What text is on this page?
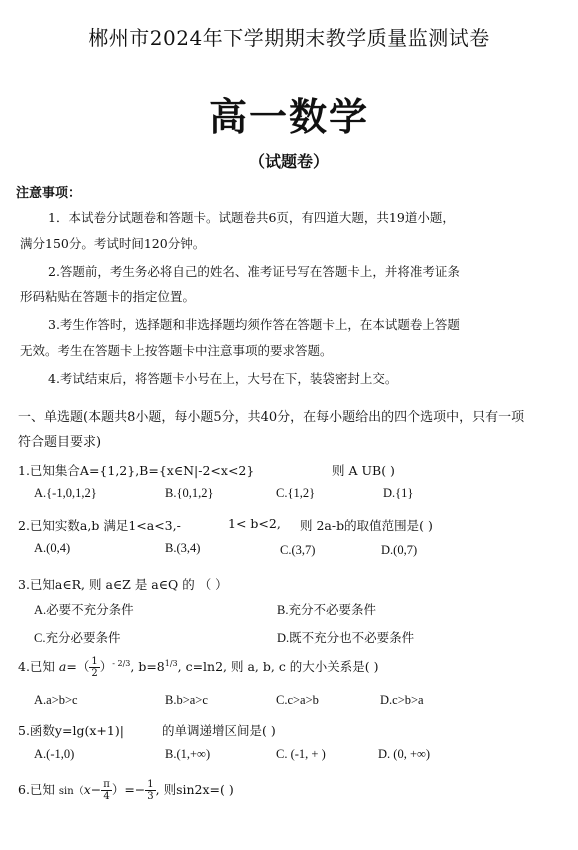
郴州市2024年下学期期末教学质量监测试卷
高一数学
（试题卷）
注意事项：
1．本试卷分试题卷和答题卡。试题卷共6页，有四道大题，共19道小题，
满分150分。考试时间120分钟。
2.答题前，考生务必将自己的姓名、准考证号写在答题卡上，并将准考证条
形码粘贴在答题卡的指定位置。
3.考生作答时，选择题和非选择题均须作答在答题卡上，在本试题卷上答题
无效。考生在答题卡上按答题卡中注意事项的要求答题。
4.考试结束后，将答题卡小号在上，大号在下，装袋密封上交。
一、单选题(本题共8小题，每小题5分，共40分，在每小题给出的四个选项中，只有一项
符合题目要求)
1.已知集合A={1,2},B={x∈N|-2<x<2}	则 A UB( )
A.{-1,0,1,2}	B.{0,1,2}	C.{1,2}	D.{1}
2.已知实数a,b 满足1<a<3,-	1< b<2, 则 2a-b的取值范围是( )
A.(0,4)	B.(3,4)	C.(3,7)	D.(0,7)
3.已知a∈R, 则 a∈Z 是 a∈Q 的 （ ）
A.必要不充分条件	B.充分不必要条件
C.充分必要条件	D.既不充分也不必要条件
4.已知 $a=( \frac{1}{2} )^{- 2/3}$, $b=8^{1/3}$, c=ln2, 则 a, b, c 的大小关系是( )
A.a>b>c	B.b>a>c	C.c>a>b	D.c>b>a
5.函数y=lg(x+1)|	的单调递增区间是( )
A.(-1,0)	B.(1,+∞)	C. (-1, + )	D. (0, +∞)
6.已知 $\sin(x- \frac{\pi}{4}$ ）=− $\frac{1}{3}$ , 则sin2x=( )
